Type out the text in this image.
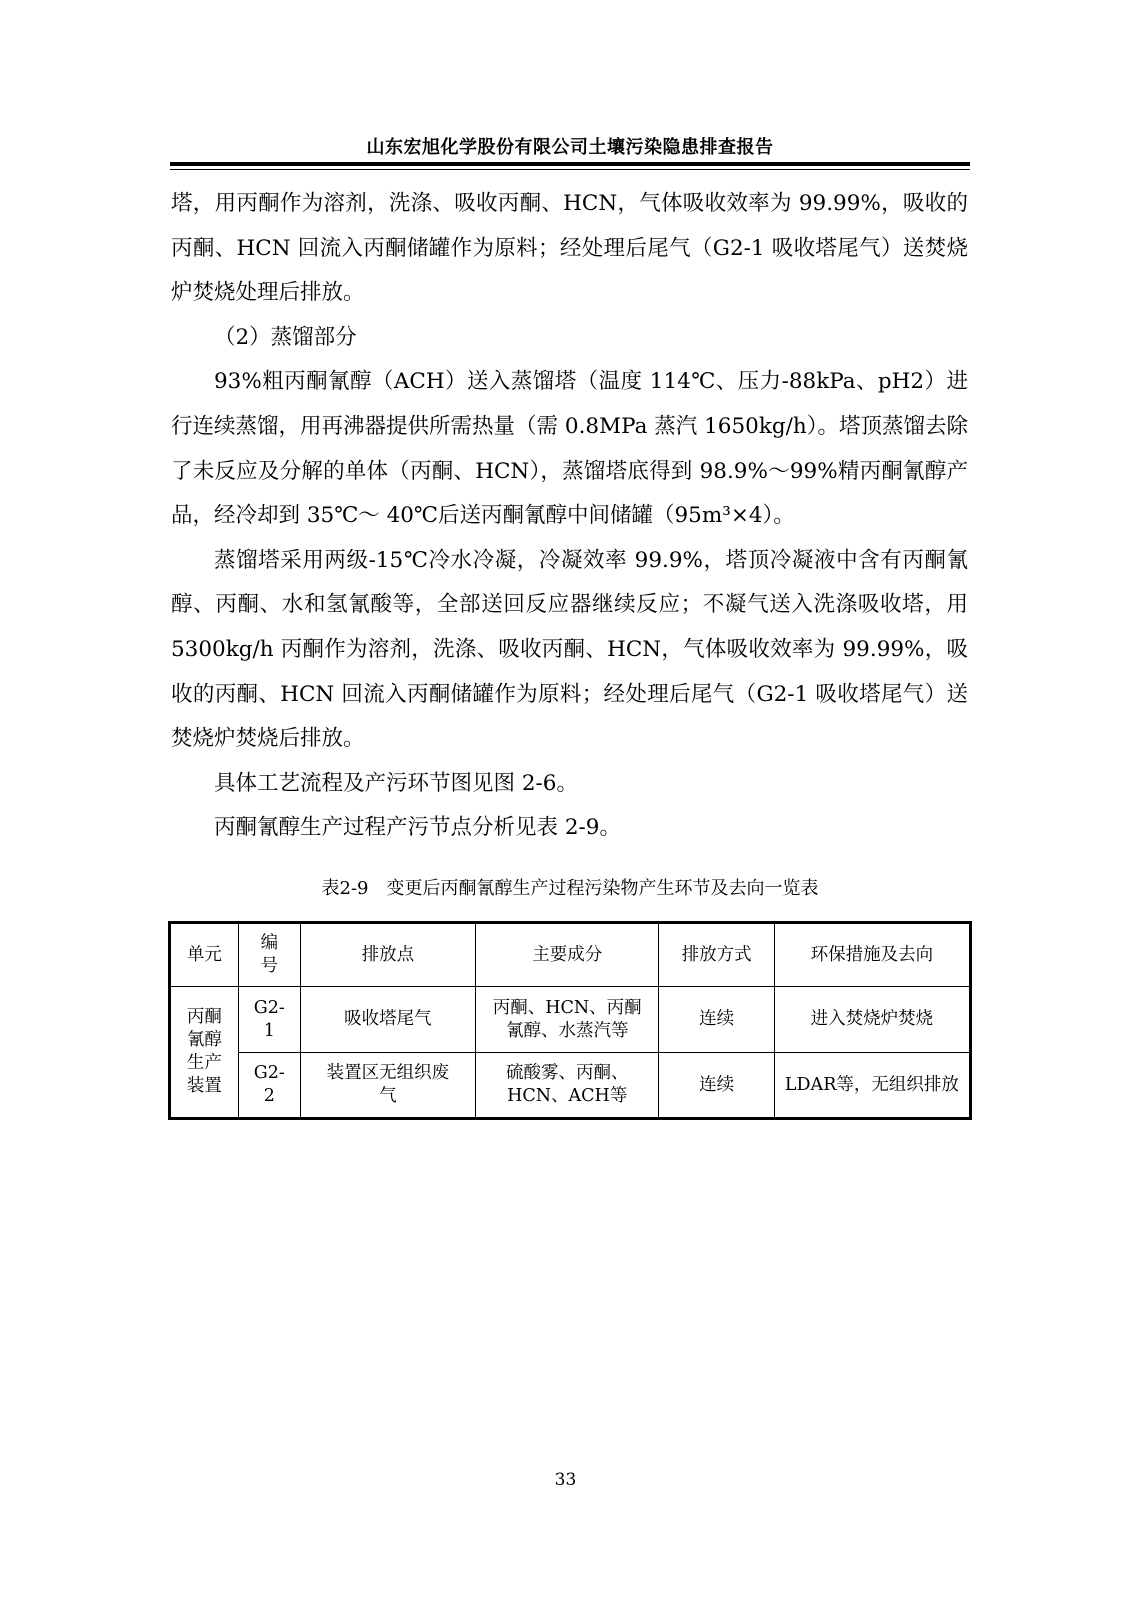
山东宏旭化学股份有限公司土壤污染隐患排查报告

塔，用丙酮作为溶剂，洗涤、吸收丙酮、HCN，气体吸收效率为 99.99%，吸收的丙酮、HCN 回流入丙酮储罐作为原料；经处理后尾气（G2-1 吸收塔尾气）送焚烧炉焚烧处理后排放。

（2）蒸馏部分

93%粗丙酮氰醇（ACH）送入蒸馏塔（温度 114℃、压力-88kPa、pH2）进行连续蒸馏，用再沸器提供所需热量（需 0.8MPa 蒸汽 1650kg/h）。塔顶蒸馏去除了未反应及分解的单体（丙酮、HCN），蒸馏塔底得到 98.9%～99%精丙酮氰醇产品，经冷却到 35℃～ 40℃后送丙酮氰醇中间储罐（95m³×4）。

蒸馏塔采用两级-15℃冷水冷凝，冷凝效率 99.9%，塔顶冷凝液中含有丙酮氰醇、丙酮、水和氢氰酸等，全部送回反应器继续反应；不凝气送入洗涤吸收塔，用 5300kg/h 丙酮作为溶剂，洗涤、吸收丙酮、HCN，气体吸收效率为 99.99%，吸收的丙酮、HCN 回流入丙酮储罐作为原料；经处理后尾气（G2-1 吸收塔尾气）送焚烧炉焚烧后排放。

具体工艺流程及产污环节图见图 2-6。

丙酮氰醇生产过程产污节点分析见表 2-9。

表2-9　变更后丙酮氰醇生产过程污染物产生环节及去向一览表
单元	编号	排放点	主要成分	排放方式	环保措施及去向
丙酮氰醇生产装置	G2-1	吸收塔尾气	丙酮、HCN、丙酮氰醇、水蒸汽等	连续	进入焚烧炉焚烧
	G2-2	装置区无组织废气	硫酸雾、丙酮、HCN、ACH等	连续	LDAR等，无组织排放
33
